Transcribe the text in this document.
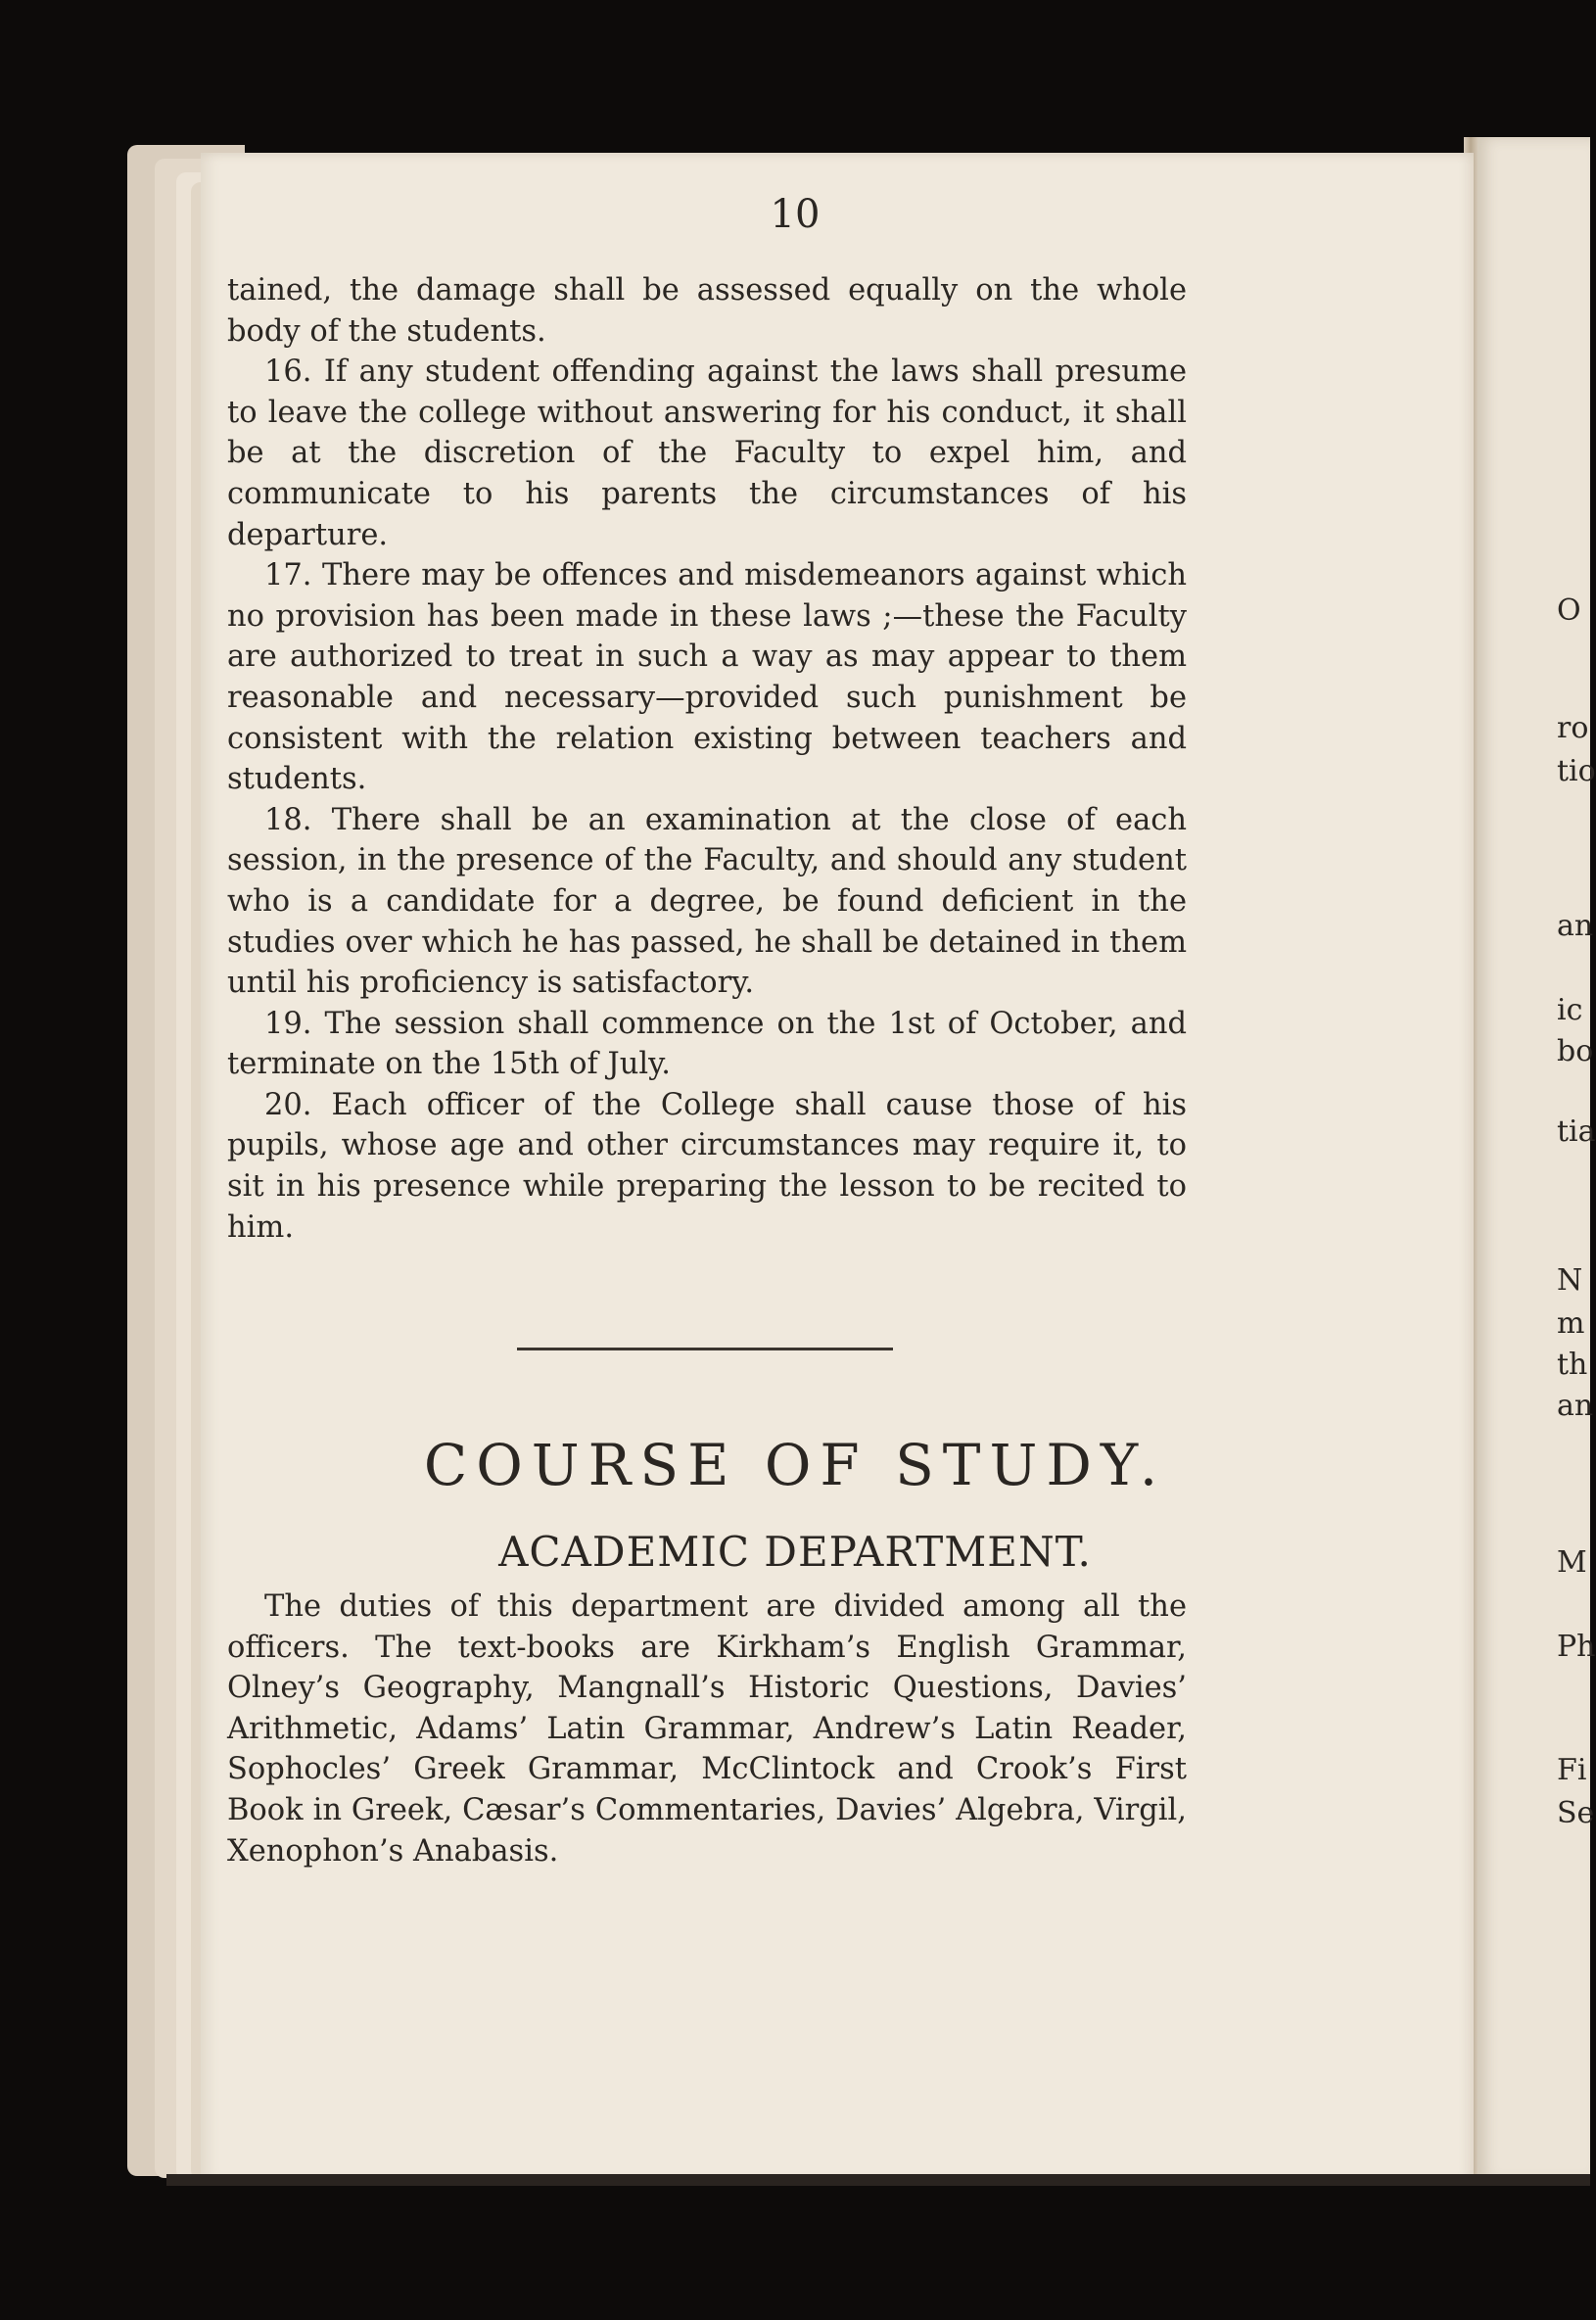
10

tained, the damage shall be assessed equally on the whole body of the students.

16. If any student offending against the laws shall presume to leave the college without answering for his conduct, it shall be at the discretion of the Faculty to expel him, and communicate to his parents the circumstances of his departure.

17. There may be offences and misdemeanors against which no provision has been made in these laws ;—these the Faculty are authorized to treat in such a way as may appear to them reasonable and necessary—provided such punishment be consistent with the relation existing between teachers and students.

18. There shall be an examination at the close of each session, in the presence of the Faculty, and should any student who is a candidate for a degree, be found deficient in the studies over which he has passed, he shall be detained in them until his proficiency is satisfactory.

19. The session shall commence on the 1st of October, and terminate on the 15th of July.

20. Each officer of the College shall cause those of his pupils, whose age and other circumstances may require it, to sit in his presence while preparing the lesson to be recited to him.

COURSE OF STUDY.
ACADEMIC DEPARTMENT.

The duties of this department are divided among all the officers. The text-books are Kirkham’s English Grammar, Olney’s Geography, Mangnall’s Historic Questions, Davies’ Arithmetic, Adams’ Latin Grammar, Andrew’s Latin Reader, Sophocles’ Greek Grammar, McClintock and Crook’s First Book in Greek, Cæsar’s Commentaries, Davies’ Algebra, Virgil, Xenophon’s Anabasis.

O
ro
tio
an
ic
bo
tia
N
m
th
an
M
Ph
Fi
Se
